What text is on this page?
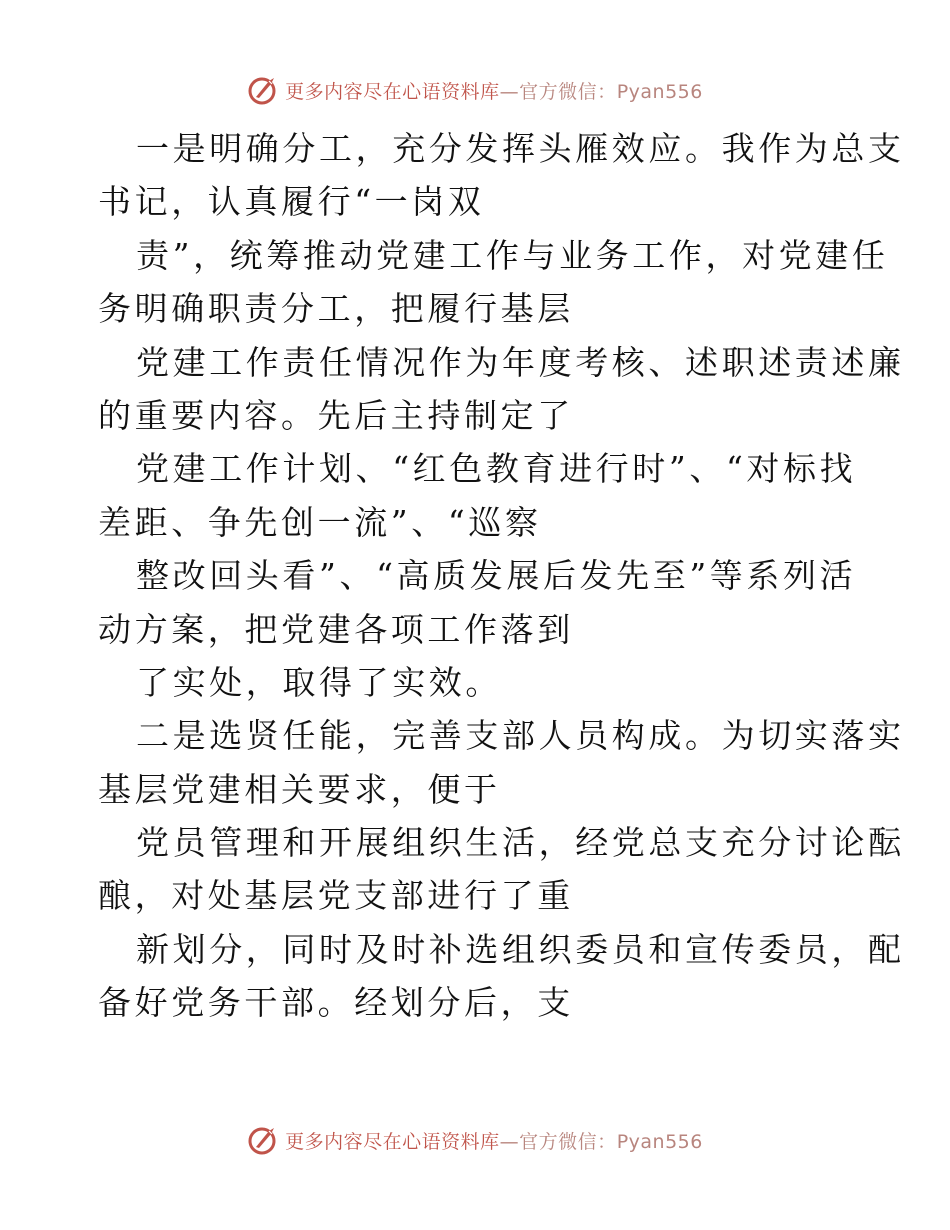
更多内容尽在心语资料库—官方微信：Pyan556
一是明确分工，充分发挥头雁效应。我作为总支
书记，认真履行“一岗双
责”，统筹推动党建工作与业务工作，对党建任
务明确职责分工，把履行基层
党建工作责任情况作为年度考核、述职述责述廉
的重要内容。先后主持制定了
党建工作计划、“红色教育进行时”、“对标找
差距、争先创一流”、“巡察
整改回头看”、“高质发展后发先至”等系列活
动方案，把党建各项工作落到
了实处，取得了实效。
二是选贤任能，完善支部人员构成。为切实落实
基层党建相关要求，便于
党员管理和开展组织生活，经党总支充分讨论酝
酿，对处基层党支部进行了重
新划分，同时及时补选组织委员和宣传委员，配
备好党务干部。经划分后，支
更多内容尽在心语资料库—官方微信：Pyan556
